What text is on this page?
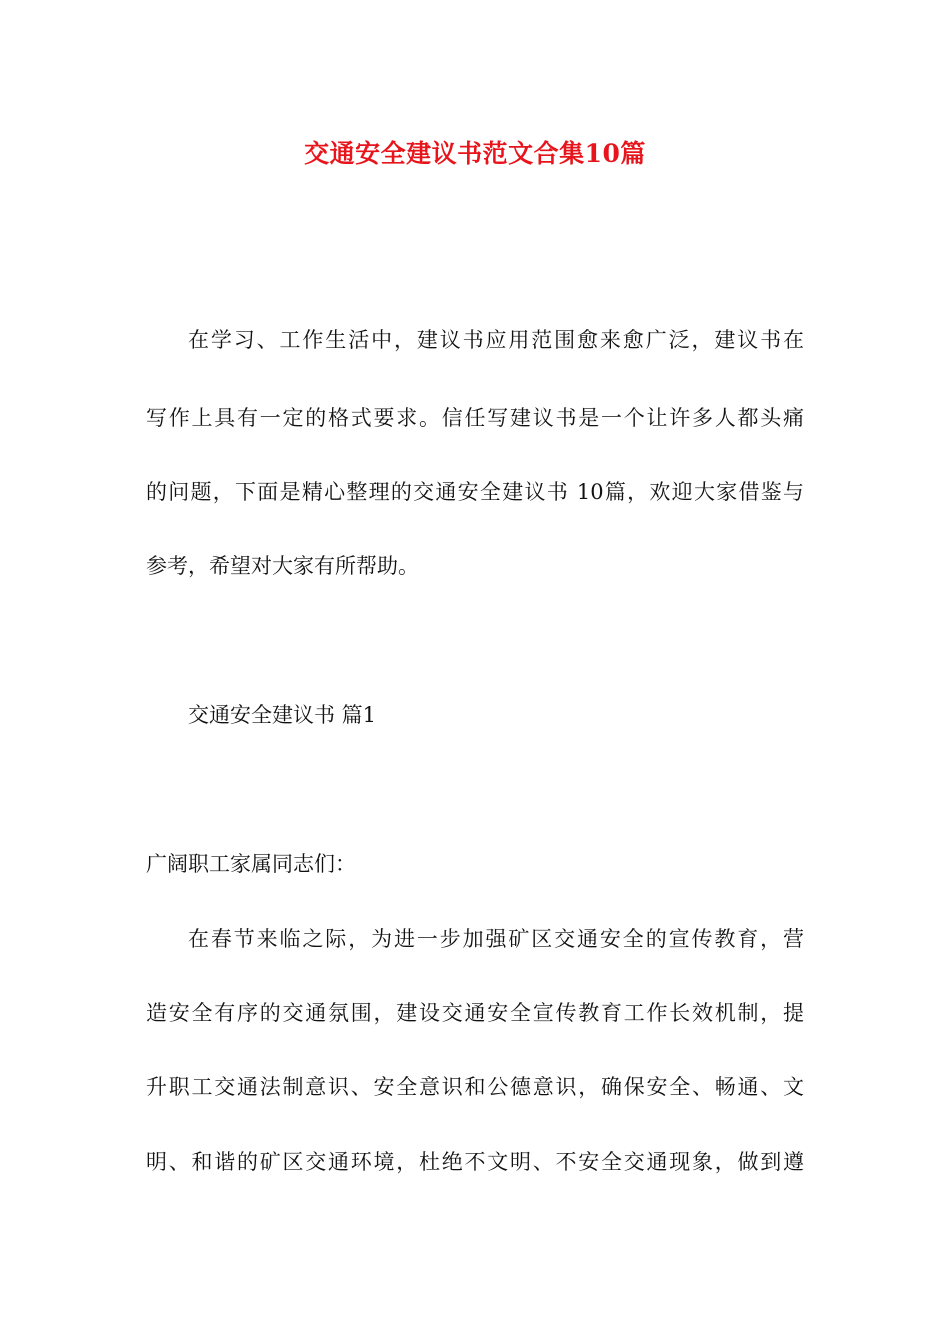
交通安全建议书范文合集10篇
在学习、工作生活中，建议书应用范围愈来愈广泛，建议书在
写作上具有一定的格式要求。信任写建议书是一个让许多人都头痛
的问题，下面是精心整理的交通安全建议书 10篇，欢迎大家借鉴与
参考，希望对大家有所帮助。
交通安全建议书 篇1
广阔职工家属同志们：
在春节来临之际，为进一步加强矿区交通安全的宣传教育，营
造安全有序的交通氛围，建设交通安全宣传教育工作长效机制，提
升职工交通法制意识、安全意识和公德意识，确保安全、畅通、文
明、和谐的矿区交通环境，杜绝不文明、不安全交通现象，做到遵
